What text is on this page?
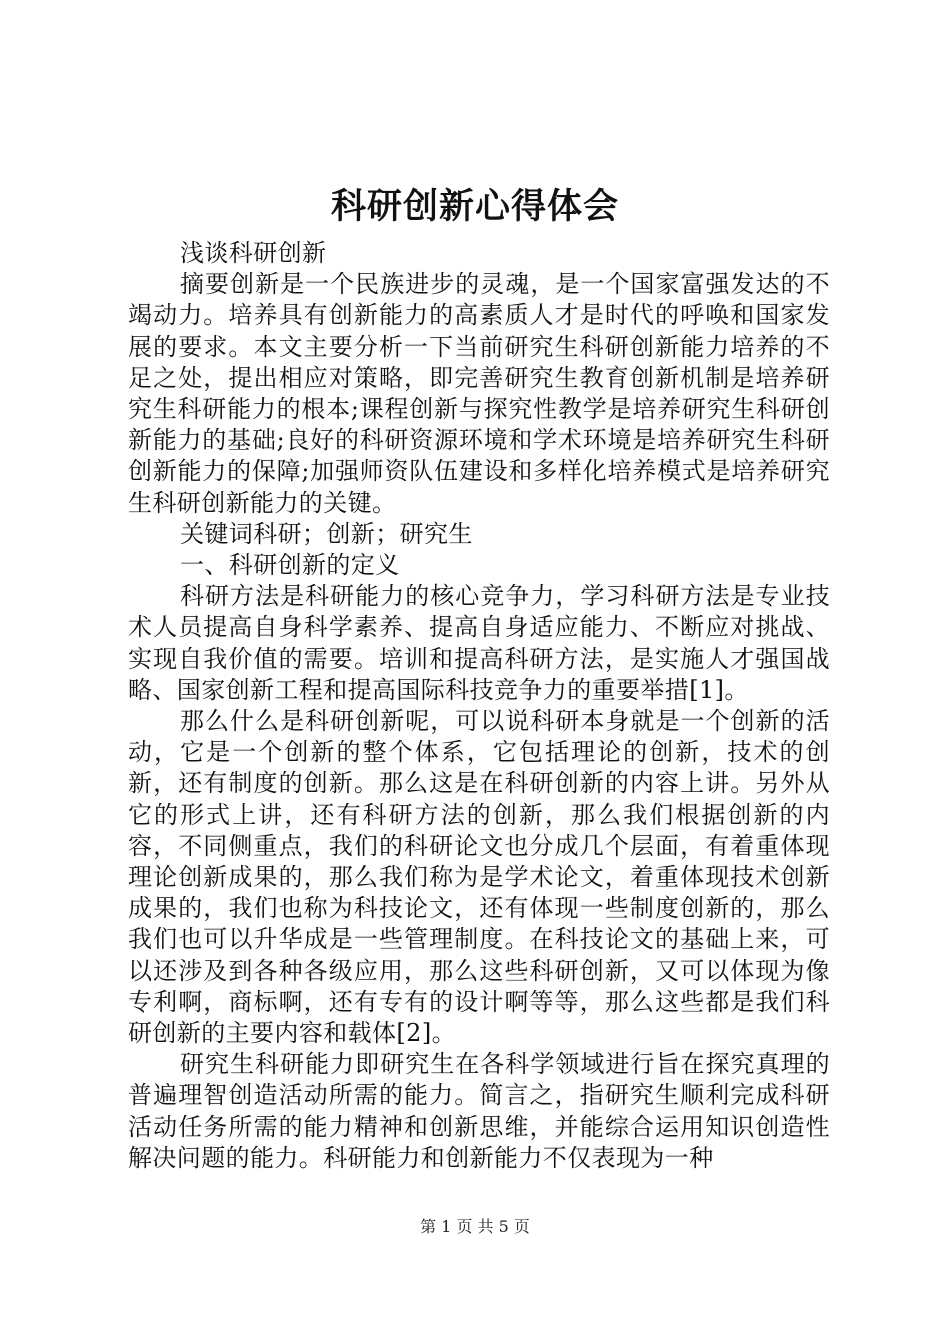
科研创新心得体会

浅谈科研创新

摘要创新是一个民族进步的灵魂，是一个国家富强发达的不竭动力。培养具有创新能力的高素质人才是时代的呼唤和国家发展的要求。本文主要分析一下当前研究生科研创新能力培养的不足之处，提出相应对策略，即完善研究生教育创新机制是培养研究生科研能力的根本;课程创新与探究性教学是培养研究生科研创新能力的基础;良好的科研资源环境和学术环境是培养研究生科研创新能力的保障;加强师资队伍建设和多样化培养模式是培养研究生科研创新能力的关键。

关键词科研；创新；研究生

一、科研创新的定义

科研方法是科研能力的核心竞争力，学习科研方法是专业技术人员提高自身科学素养、提高自身适应能力、不断应对挑战、实现自我价值的需要。培训和提高科研方法，是实施人才强国战略、国家创新工程和提高国际科技竞争力的重要举措[1]。

那么什么是科研创新呢，可以说科研本身就是一个创新的活动，它是一个创新的整个体系，它包括理论的创新，技术的创新，还有制度的创新。那么这是在科研创新的内容上讲。另外从它的形式上讲，还有科研方法的创新，那么我们根据创新的内容，不同侧重点，我们的科研论文也分成几个层面，有着重体现理论创新成果的，那么我们称为是学术论文，着重体现技术创新成果的，我们也称为科技论文，还有体现一些制度创新的，那么我们也可以升华成是一些管理制度。在科技论文的基础上来，可以还涉及到各种各级应用，那么这些科研创新，又可以体现为像专利啊，商标啊，还有专有的设计啊等等，那么这些都是我们科研创新的主要内容和载体[2]。

研究生科研能力即研究生在各科学领域进行旨在探究真理的普遍理智创造活动所需的能力。简言之，指研究生顺利完成科研活动任务所需的能力精神和创新思维，并能综合运用知识创造性解决问题的能力。科研能力和创新能力不仅表现为一种

第 1 页 共 5 页
